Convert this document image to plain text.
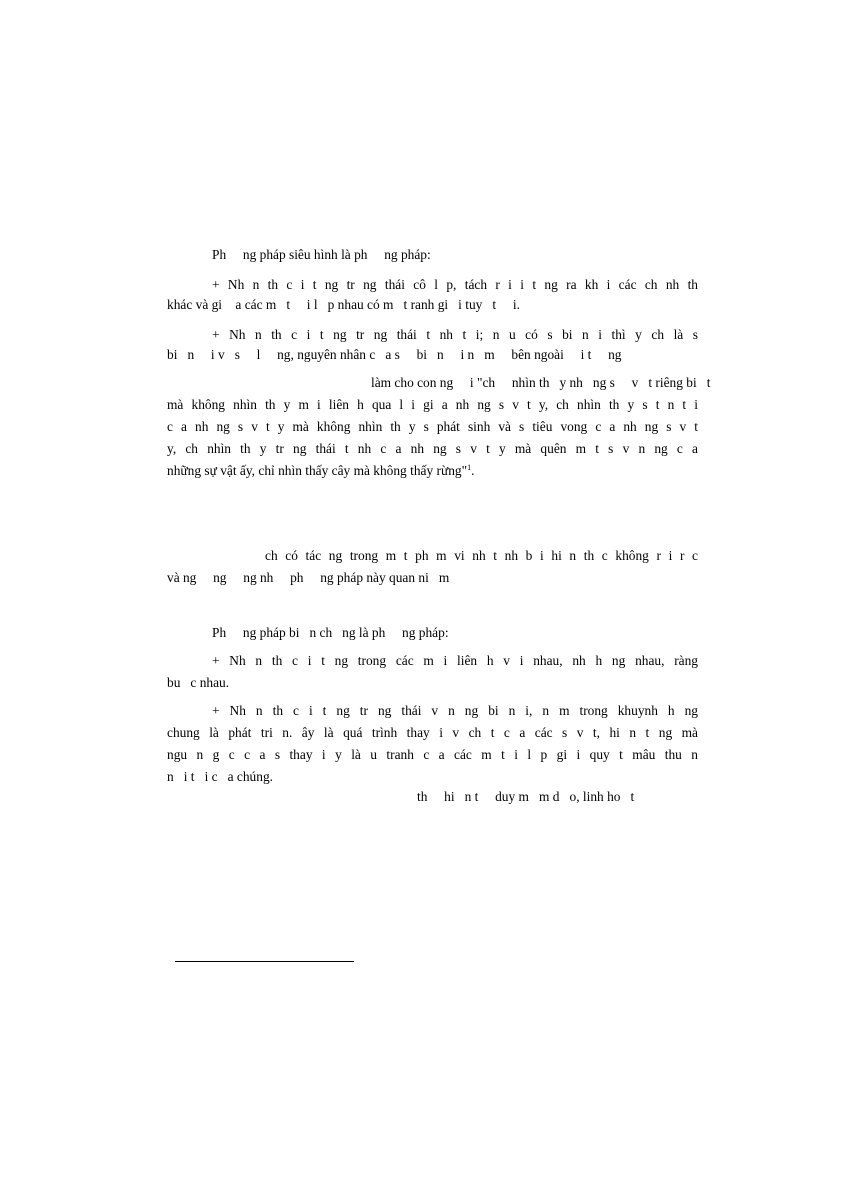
Ph     ng pháp siêu hình là ph     ng pháp:
+ Nh n th c i t ng tr ng thái cô l p, tách r i i t ng ra kh i các ch nh th
khác và gi    a các m   t     i l   p nhau có m   t ranh gi   i tuy   t     i.
+ Nh n th c i t ng tr ng thái t nh t i; n u có s bi n i thì y ch là s
bi   n     i v   s     l     ng, nguyên nhân c   a s     bi   n     i n   m     bên ngoài     i t     ng
làm cho con ng     i "ch     nhìn th   y nh   ng s     v   t riêng bi   t
mà không nhìn th y m i liên h qua l i gi a nh ng s v t y, ch nhìn th y s t n t i
c a nh ng s v t y mà không nhìn th y s phát sinh và s tiêu vong c a nh ng s v t
y, ch nhìn th y tr ng thái t nh c a nh ng s v t y mà quên m t s v n ng c a
những sự vật ấy, chỉ nhìn thấy cây mà không thấy rừng"$^1$.
ch có tác ng trong m t ph m vi nh t nh b i hi n th c không r i r c
và ng     ng     ng nh     ph     ng pháp này quan ni   m
Ph     ng pháp bi   n ch   ng là ph     ng pháp:
+ Nh n th c i t ng trong các m i liên h v i nhau, nh h ng nhau, ràng
bu   c nhau.
+ Nh n th c i t ng tr ng thái v n ng bi n i, n m trong khuynh h ng
chung là phát tri n. ây là quá trình thay i v ch t c a các s v t, hi n t ng mà
ngu n g c c a s thay i y là u tranh c a các m t i l p gi i quy t mâu thu n
n   i t   i c   a chúng.
th     hi   n t     duy m   m d   o, linh ho   t
